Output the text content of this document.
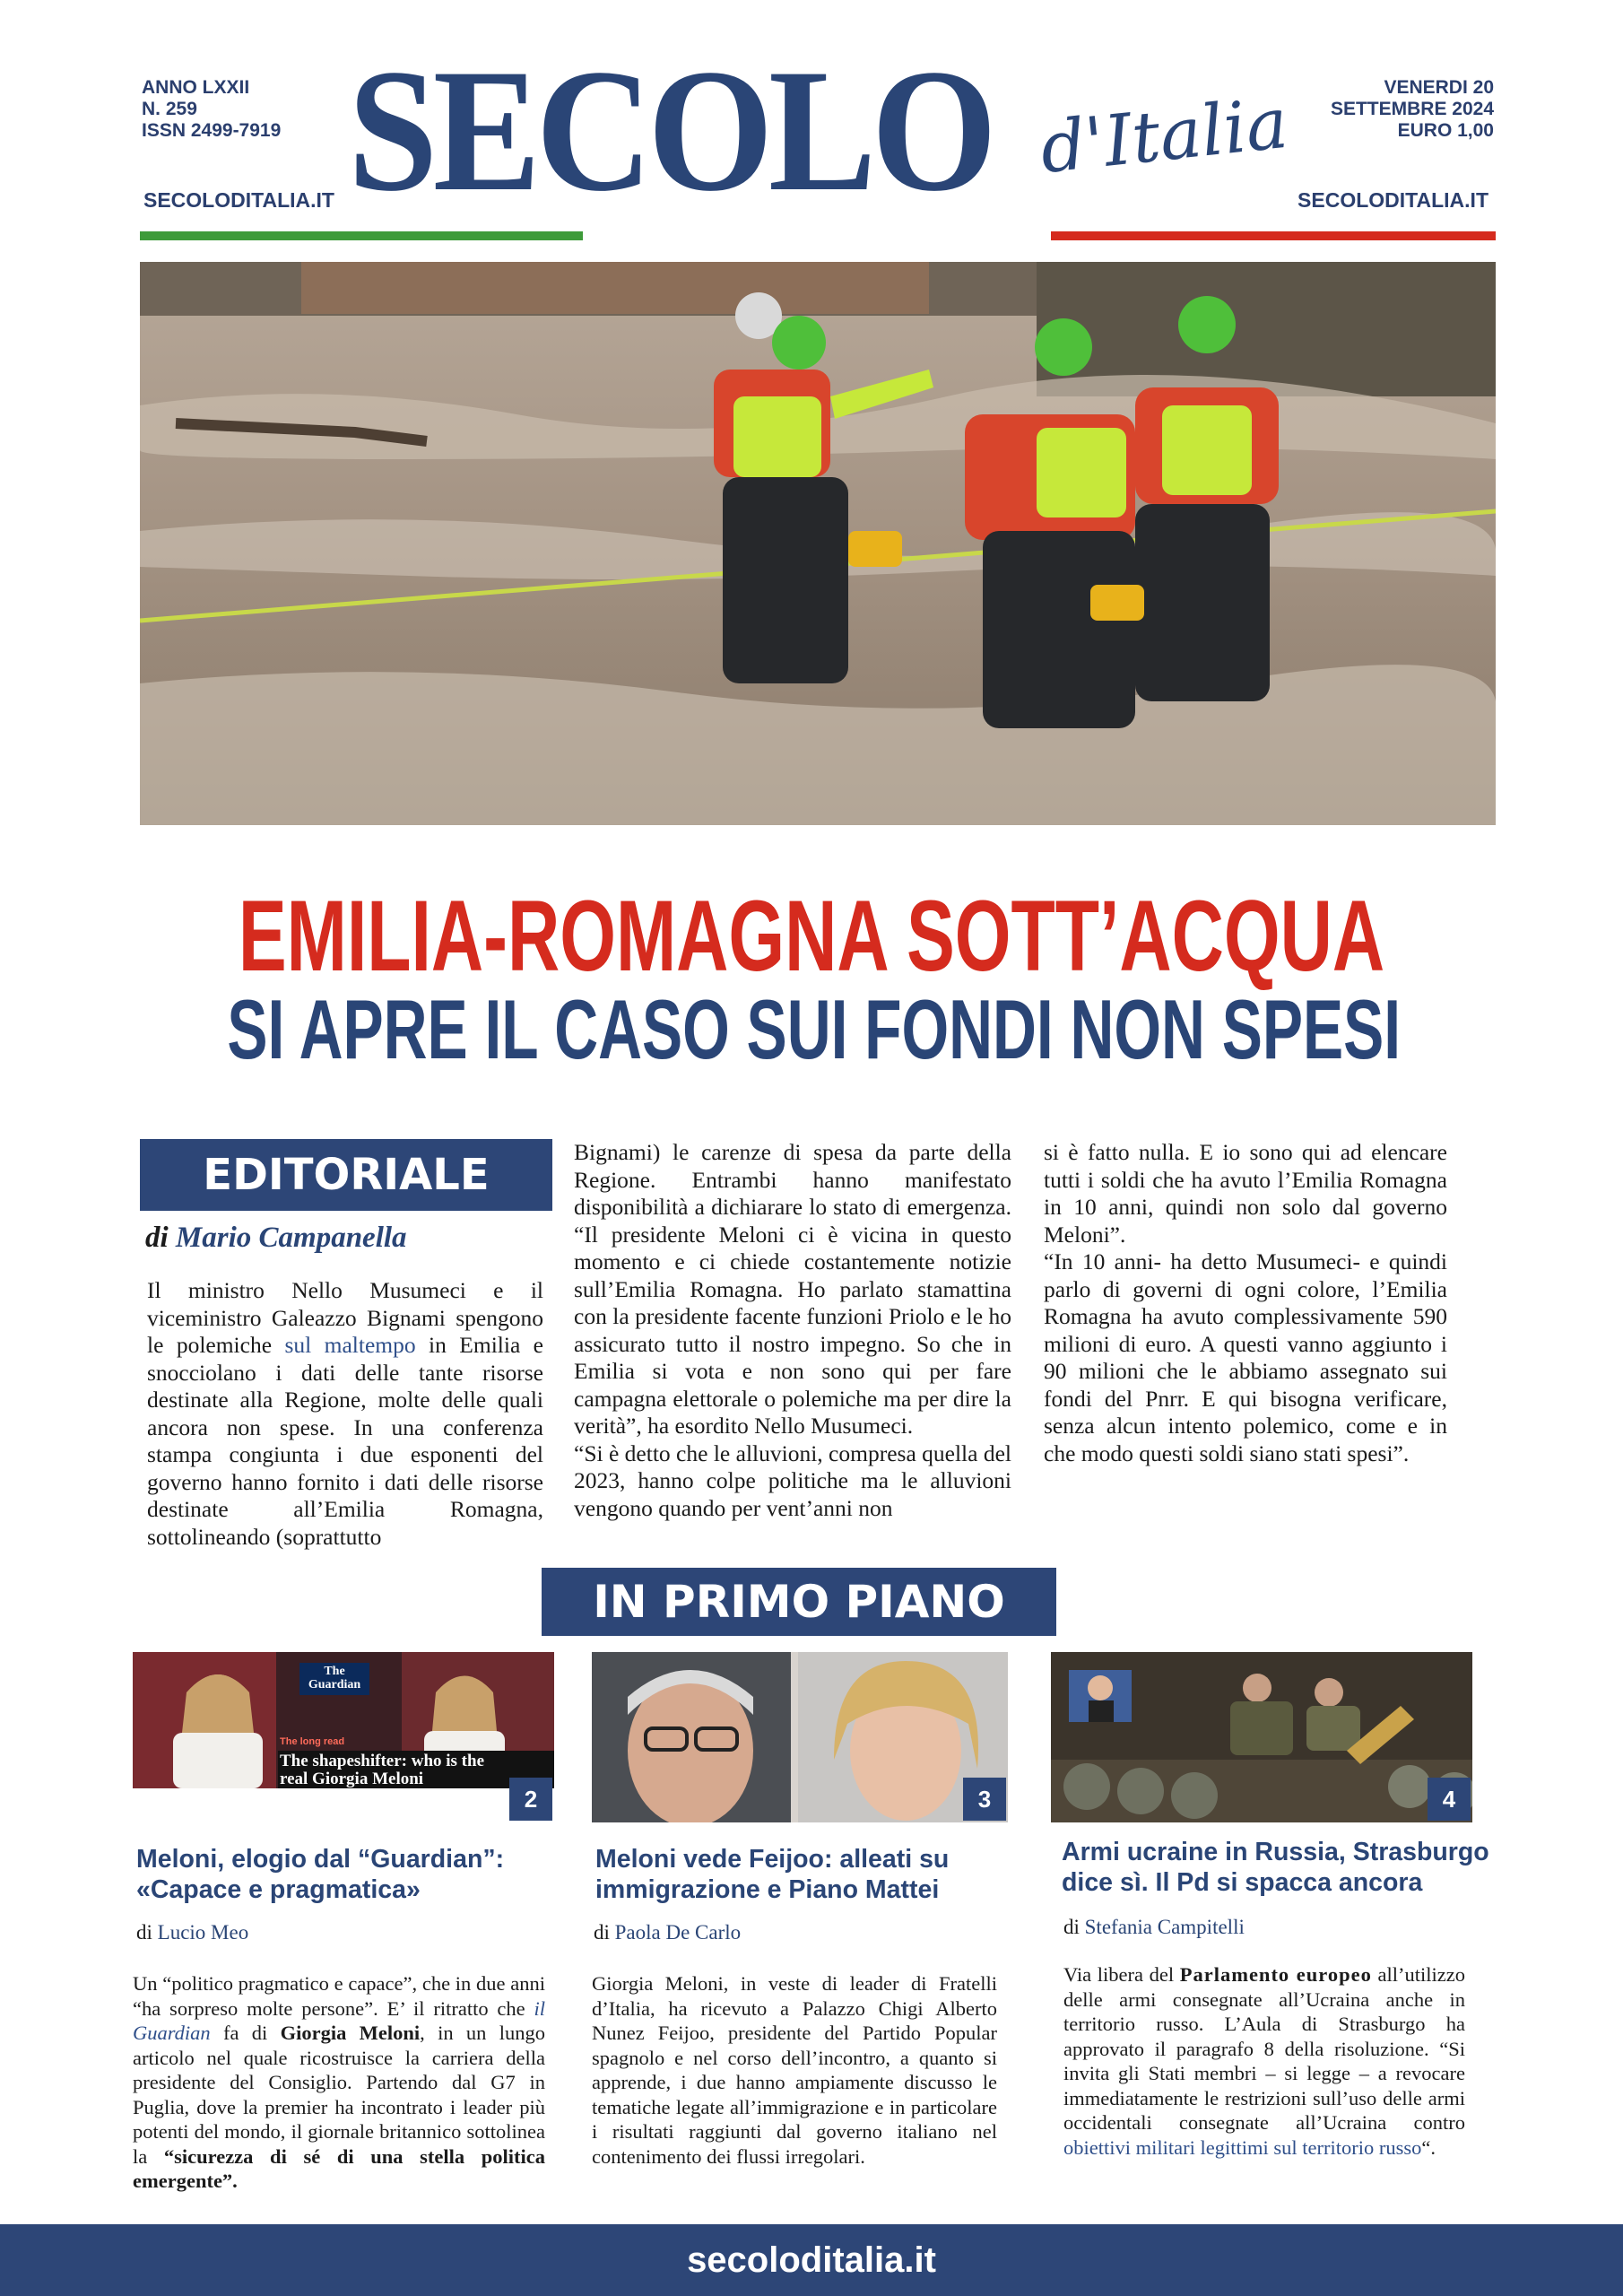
ANNO LXXII
N. 259
ISSN 2499-7919
SECOLODITALIA.IT SECOLO d'Italia	VENERDI 20
SETTEMBRE 2024
EURO 1,00
SECOLODITALIA.IT
EMILIA-ROMAGNA SOTT’ACQUA
SI APRE IL CASO SUI FONDI NON SPESI
EDITORIALE
di Mario Campanella

Il ministro Nello Musumeci e il viceministro Galeazzo Bignami spengono le polemiche sul maltempo in Emilia e snocciolano i dati delle tante risorse destinate alla Regione, molte delle quali ancora non spese. In una conferenza stampa congiunta i due esponenti del governo hanno fornito i dati delle risorse destinate all’Emilia Romagna, sottolineando (soprattutto

Bignami) le carenze di spesa da parte della Regione. Entrambi hanno manifestato disponibilità a dichiarare lo stato di emergenza. “Il presidente Meloni ci è vicina in questo momento e ci chiede costantemente notizie sull’Emilia Romagna. Ho parlato stamattina con la presidente facente funzioni Priolo e le ho assicurato tutto il nostro impegno. So che in Emilia si vota e non sono qui per fare campagna elettorale o polemiche ma per dire la verità”, ha esordito Nello Musumeci.

“Si è detto che le alluvioni, compresa quella del 2023, hanno colpe politiche ma le alluvioni vengono quando per vent’anni non

si è fatto nulla. E io sono qui ad elencare tutti i soldi che ha avuto l’Emilia Romagna in 10 anni, quindi non solo dal governo Meloni”.

“In 10 anni- ha detto Musumeci- e quindi parlo di governi di ogni colore, l’Emilia Romagna ha avuto complessivamente 590 milioni di euro. A questi vanno aggiunto i 90 milioni che le abbiamo assegnato sui fondi del Pnrr. E qui bisogna verificare, senza alcun intento polemico, come e in che modo questi soldi siano stati spesi”.

IN PRIMO PIANO
The Guardian
The long read
The shapeshifter: who is the real Giorgia Meloni
2
Meloni, elogio dal “Guardian”: «Capace e pragmatica»
di Lucio Meo

Un “politico pragmatico e capace”, che in due anni “ha sorpreso molte persone”. E’ il ritratto che il Guardian fa di Giorgia Meloni, in un lungo articolo nel quale ricostruisce la carriera della presidente del Consiglio. Partendo dal G7 in Puglia, dove la premier ha incontrato i leader più potenti del mondo, il giornale britannico sottolinea la “sicurezza di sé di una stella politica emergente”.

3
Meloni vede Feijoo: alleati su immigrazione e Piano Mattei
di Paola De Carlo

Giorgia Meloni, in veste di leader di Fratelli d’Italia, ha ricevuto a Palazzo Chigi Alberto Nunez Feijoo, presidente del Partido Popular spagnolo e nel corso dell’incontro, a quanto si apprende, i due hanno ampiamente discusso le tematiche legate all’immigrazione e in particolare i risultati raggiunti dal governo italiano nel contenimento dei flussi irregolari.

4
Armi ucraine in Russia, Strasburgo dice sì. Il Pd si spacca ancora
di Stefania Campitelli

Via libera del Parlamento europeo all’utilizzo delle armi consegnate all’Ucraina anche in territorio russo. L’Aula di Strasburgo ha approvato il paragrafo 8 della risoluzione. “Si invita gli Stati membri – si legge – a revocare immediatamente le restrizioni sull’uso delle armi occidentali consegnate all’Ucraina contro obiettivi militari legittimi sul territorio russo“.

secoloditalia.it
